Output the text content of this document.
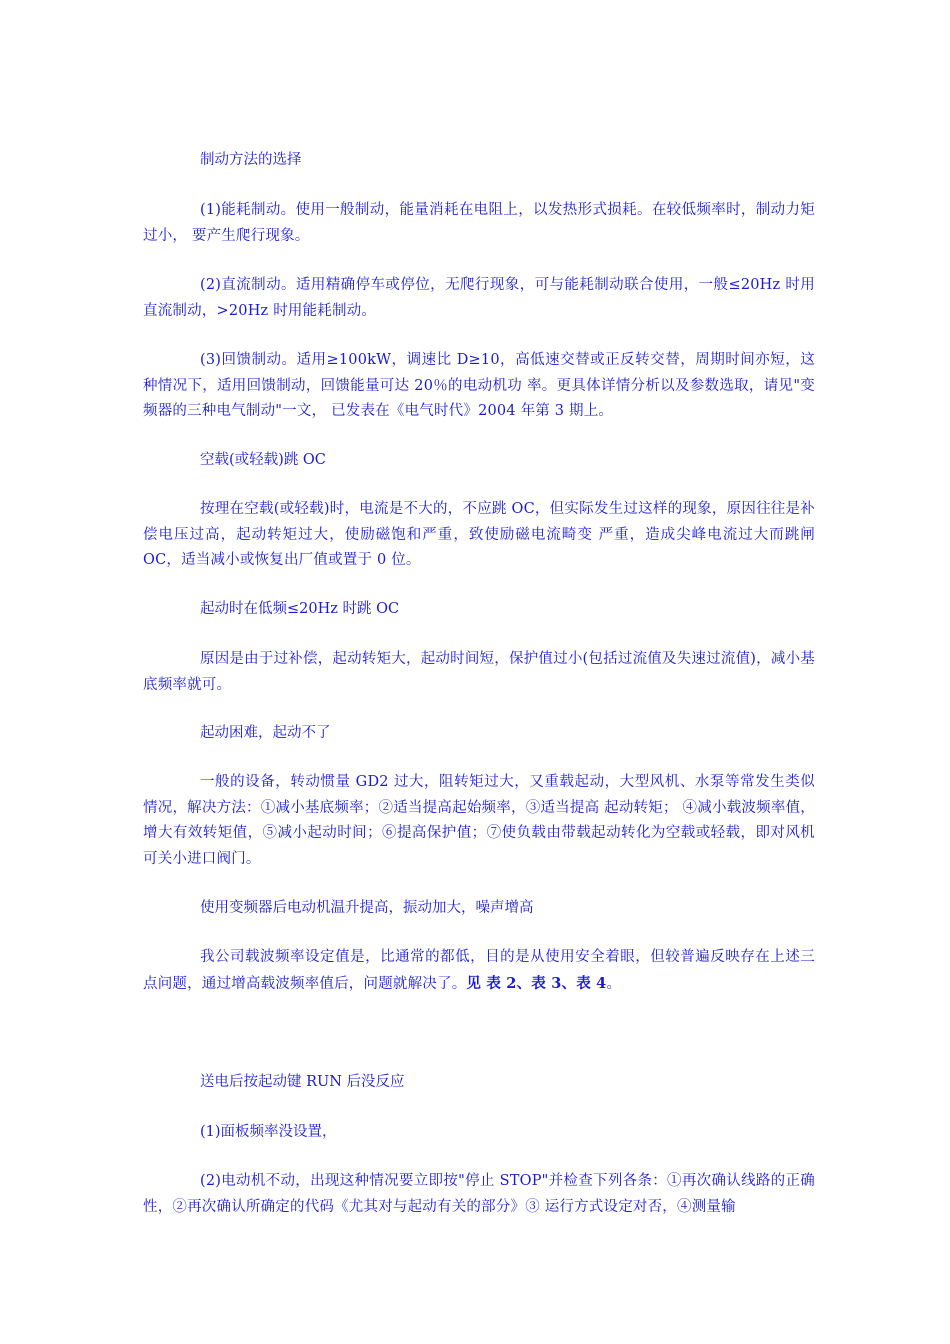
制动方法的选择
(1)能耗制动。使用一般制动，能量消耗在电阻上，以发热形式损耗。在较低频率时，制动力矩过小， 要产生爬行现象。
(2)直流制动。适用精确停车或停位，无爬行现象，可与能耗制动联合使用，一般≤20Hz 时用直流制动，>20Hz 时用能耗制动。
(3)回馈制动。适用≥100kW，调速比 D≥10，高低速交替或正反转交替，周期时间亦短，这种情况下，适用回馈制动，回馈能量可达 20％的电动机功 率。更具体详情分析以及参数选取，请见"变频器的三种电气制动"一文， 已发表在《电气时代》2004 年第 3 期上。
空载(或轻载)跳 OC
按理在空载(或轻载)时，电流是不大的，不应跳 OC，但实际发生过这样的现象，原因往往是补偿电压过高，起动转矩过大，使励磁饱和严重，致使励磁电流畸变 严重，造成尖峰电流过大而跳闸 OC，适当减小或恢复出厂值或置于 0 位。
起动时在低频≤20Hz 时跳 OC
原因是由于过补偿，起动转矩大，起动时间短，保护值过小(包括过流值及失速过流值)，减小基底频率就可。
起动困难，起动不了
一般的设备，转动惯量 GD2 过大，阻转矩过大，又重载起动，大型风机、水泵等常发生类似情况，解决方法：①减小基底频率；②适当提高起始频率，③适当提高 起动转矩； ④减小载波频率值，增大有效转矩值，⑤减小起动时间；⑥提高保护值；⑦使负载由带载起动转化为空载或轻载，即对风机可关小进口阀门。
使用变频器后电动机温升提高，振动加大，噪声增高
我公司载波频率设定值是，比通常的都低，目的是从使用安全着眼，但较普遍反映存在上述三点问题，通过增高载波频率值后，问题就解决了。见 表 2、表 3、表 4。
送电后按起动键 RUN 后没反应
(1)面板频率没设置，
(2)电动机不动，出现这种情况要立即按"停止 STOP"并检查下列各条：①再次确认线路的正确性，②再次确认所确定的代码《尤其对与起动有关的部分》③ 运行方式设定对否，④测量输
